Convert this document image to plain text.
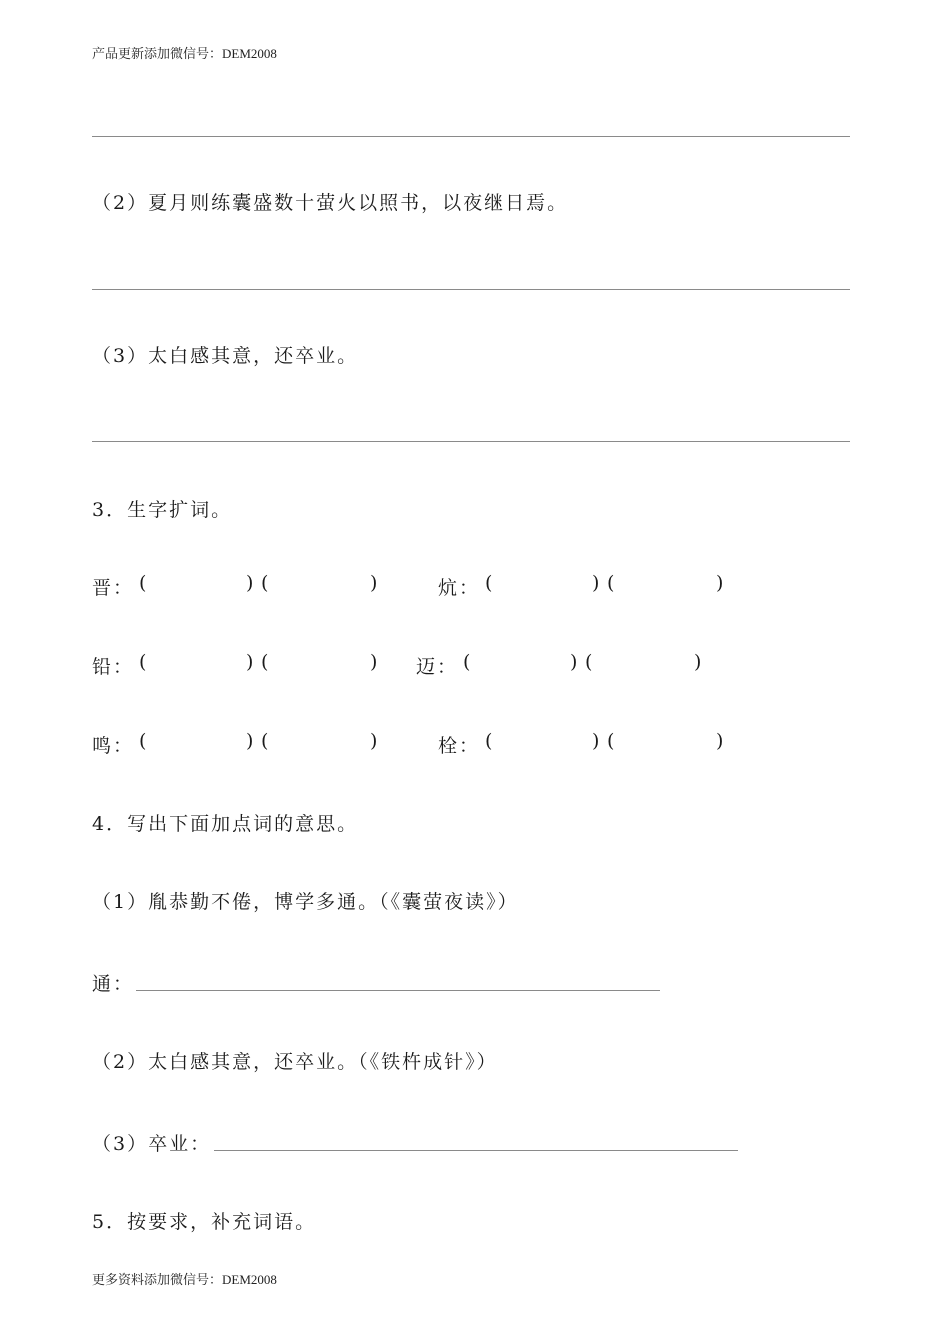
产品更新添加微信号：DEM2008
（2）夏月则练囊盛数十萤火以照书，以夜继日焉。
（3）太白感其意，还卒业。
3．生字扩词。
晋： (	) (	)	炕： (	) (	)
铅： (	) (	) 迈： (	) (	)
鸣： (	) (	)	栓： (	) (	)
4．写出下面加点词的意思。
（1）胤恭勤不倦，博学多通。（《囊萤夜读》）
通：
（2）太白感其意，还卒业。（《铁杵成针》）
（3）卒业：
5．按要求，补充词语。
更多资料添加微信号：DEM2008
